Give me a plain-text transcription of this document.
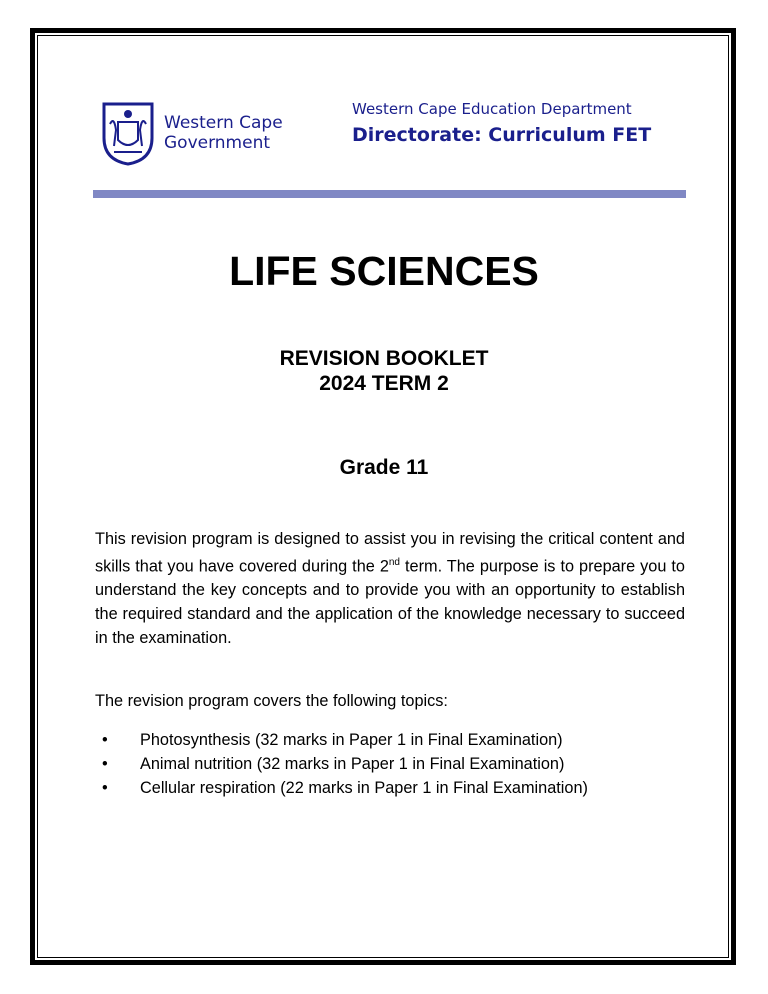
Western Cape
Government
Western Cape Education Department
Directorate: Curriculum FET
LIFE SCIENCES
REVISION BOOKLET
2024 TERM 2
Grade 11
This revision program is designed to assist you in revising the critical content and skills that you have covered during the 2nd term. The purpose is to prepare you to understand the key concepts and to provide you with an opportunity to establish the required standard and the application of the knowledge necessary to succeed in the examination.
The revision program covers the following topics:
• Photosynthesis (32 marks in Paper 1 in Final Examination)
• Animal nutrition (32 marks in Paper 1 in Final Examination)
• Cellular respiration (22 marks in Paper 1 in Final Examination)
